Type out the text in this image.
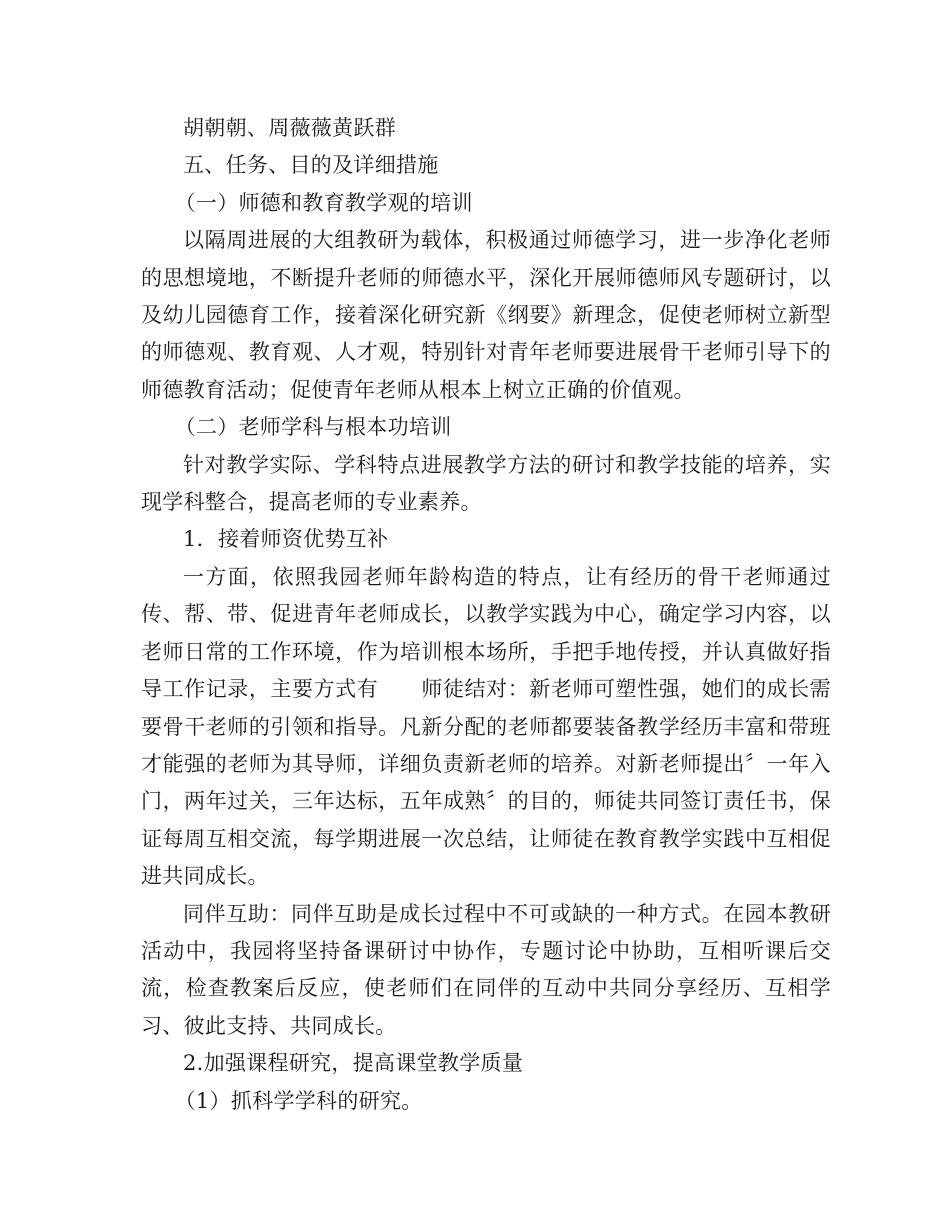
胡朝朝、周薇薇黄跃群

五、任务、目的及详细措施

（一）师德和教育教学观的培训

以隔周进展的大组教研为载体，积极通过师德学习，进一步净化老师的思想境地，不断提升老师的师德水平，深化开展师德师风专题研讨，以及幼儿园德育工作，接着深化研究新《纲要》新理念，促使老师树立新型的师德观、教育观、人才观，特别针对青年老师要进展骨干老师引导下的师德教育活动；促使青年老师从根本上树立正确的价值观。

（二）老师学科与根本功培训

针对教学实际、学科特点进展教学方法的研讨和教学技能的培养，实现学科整合，提高老师的专业素养。

1．接着师资优势互补

一方面，依照我园老师年龄构造的特点，让有经历的骨干老师通过传、帮、带、促进青年老师成长，以教学实践为中心，确定学习内容，以老师日常的工作环境，作为培训根本场所，手把手地传授，并认真做好指导工作记录，主要方式有　　师徒结对：新老师可塑性强，她们的成长需要骨干老师的引领和指导。凡新分配的老师都要装备教学经历丰富和带班才能强的老师为其导师，详细负责新老师的培养。对新老师提出〞一年入门，两年过关，三年达标，五年成熟〞的目的，师徒共同签订责任书，保证每周互相交流，每学期进展一次总结，让师徒在教育教学实践中互相促进共同成长。

同伴互助：同伴互助是成长过程中不可或缺的一种方式。在园本教研活动中，我园将坚持备课研讨中协作，专题讨论中协助，互相听课后交流，检查教案后反应，使老师们在同伴的互动中共同分享经历、互相学习、彼此支持、共同成长。

2.加强课程研究，提高课堂教学质量

（1）抓科学学科的研究。
